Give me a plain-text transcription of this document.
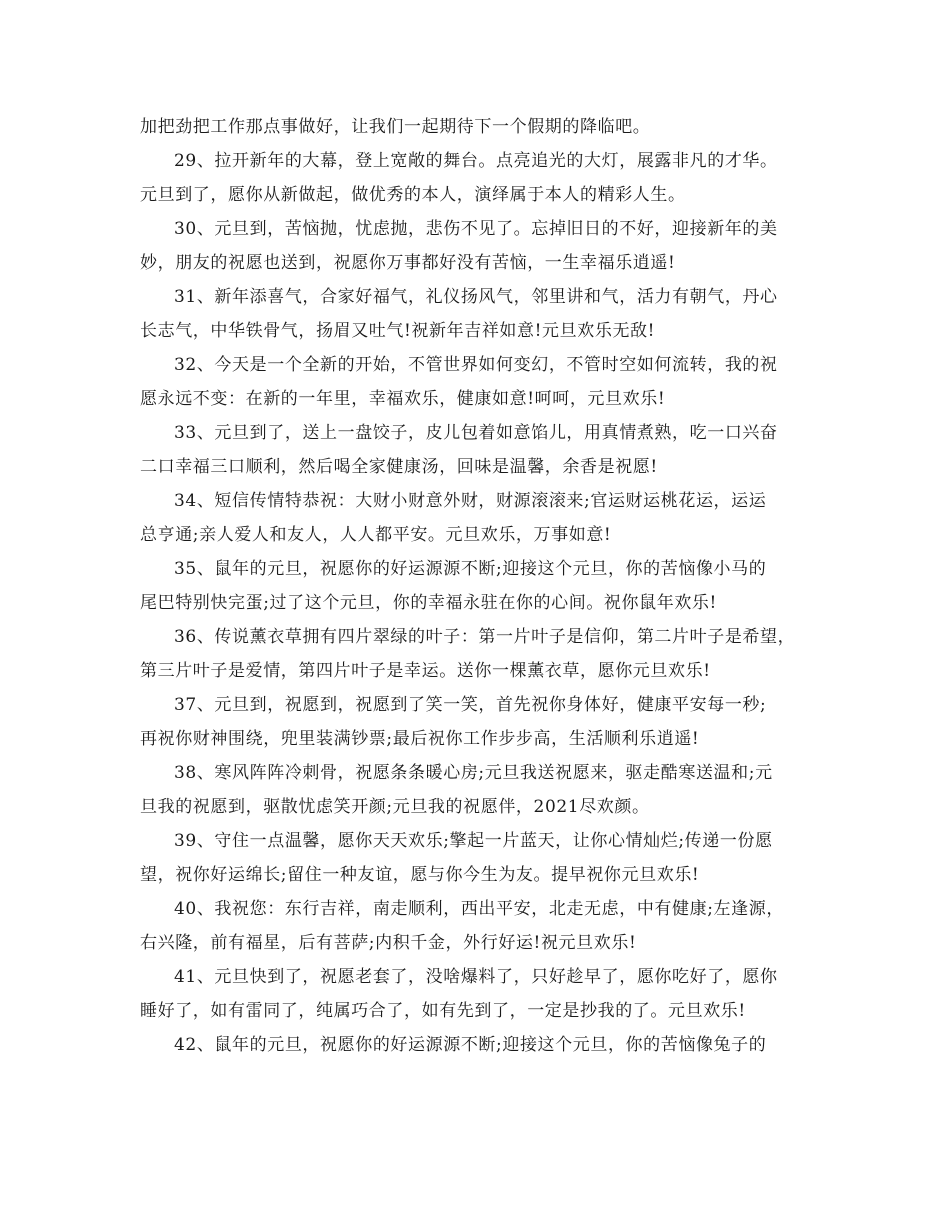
加把劲把工作那点事做好，让我们一起期待下一个假期的降临吧。
29、拉开新年的大幕，登上宽敞的舞台。点亮追光的大灯，展露非凡的才华。
元旦到了，愿你从新做起，做优秀的本人，演绎属于本人的精彩人生。
30、元旦到，苦恼抛，忧虑抛，悲伤不见了。忘掉旧日的不好，迎接新年的美
妙，朋友的祝愿也送到，祝愿你万事都好没有苦恼，一生幸福乐逍遥!
31、新年添喜气，合家好福气，礼仪扬风气，邻里讲和气，活力有朝气，丹心
长志气，中华铁骨气，扬眉又吐气!祝新年吉祥如意!元旦欢乐无敌!
32、今天是一个全新的开始，不管世界如何变幻，不管时空如何流转，我的祝
愿永远不变：在新的一年里，幸福欢乐，健康如意!呵呵，元旦欢乐!
33、元旦到了，送上一盘饺子，皮儿包着如意馅儿，用真情煮熟，吃一口兴奋
二口幸福三口顺利，然后喝全家健康汤，回味是温馨，余香是祝愿!
34、短信传情特恭祝：大财小财意外财，财源滚滚来;官运财运桃花运，运运
总亨通;亲人爱人和友人，人人都平安。元旦欢乐，万事如意!
35、鼠年的元旦，祝愿你的好运源源不断;迎接这个元旦，你的苦恼像小马的
尾巴特别快完蛋;过了这个元旦，你的幸福永驻在你的心间。祝你鼠年欢乐!
36、传说薰衣草拥有四片翠绿的叶子：第一片叶子是信仰，第二片叶子是希望，
第三片叶子是爱情，第四片叶子是幸运。送你一棵薰衣草，愿你元旦欢乐!
37、元旦到，祝愿到，祝愿到了笑一笑，首先祝你身体好，健康平安每一秒;
再祝你财神围绕，兜里装满钞票;最后祝你工作步步高，生活顺利乐逍遥!
38、寒风阵阵冷刺骨，祝愿条条暖心房;元旦我送祝愿来，驱走酷寒送温和;元
旦我的祝愿到，驱散忧虑笑开颜;元旦我的祝愿伴，2021尽欢颜。
39、守住一点温馨，愿你天天欢乐;擎起一片蓝天，让你心情灿烂;传递一份愿
望，祝你好运绵长;留住一种友谊，愿与你今生为友。提早祝你元旦欢乐!
40、我祝您：东行吉祥，南走顺利，西出平安，北走无虑，中有健康;左逢源，
右兴隆，前有福星，后有菩萨;内积千金，外行好运!祝元旦欢乐!
41、元旦快到了，祝愿老套了，没啥爆料了，只好趁早了，愿你吃好了，愿你
睡好了，如有雷同了，纯属巧合了，如有先到了，一定是抄我的了。元旦欢乐!
42、鼠年的元旦，祝愿你的好运源源不断;迎接这个元旦，你的苦恼像兔子的
